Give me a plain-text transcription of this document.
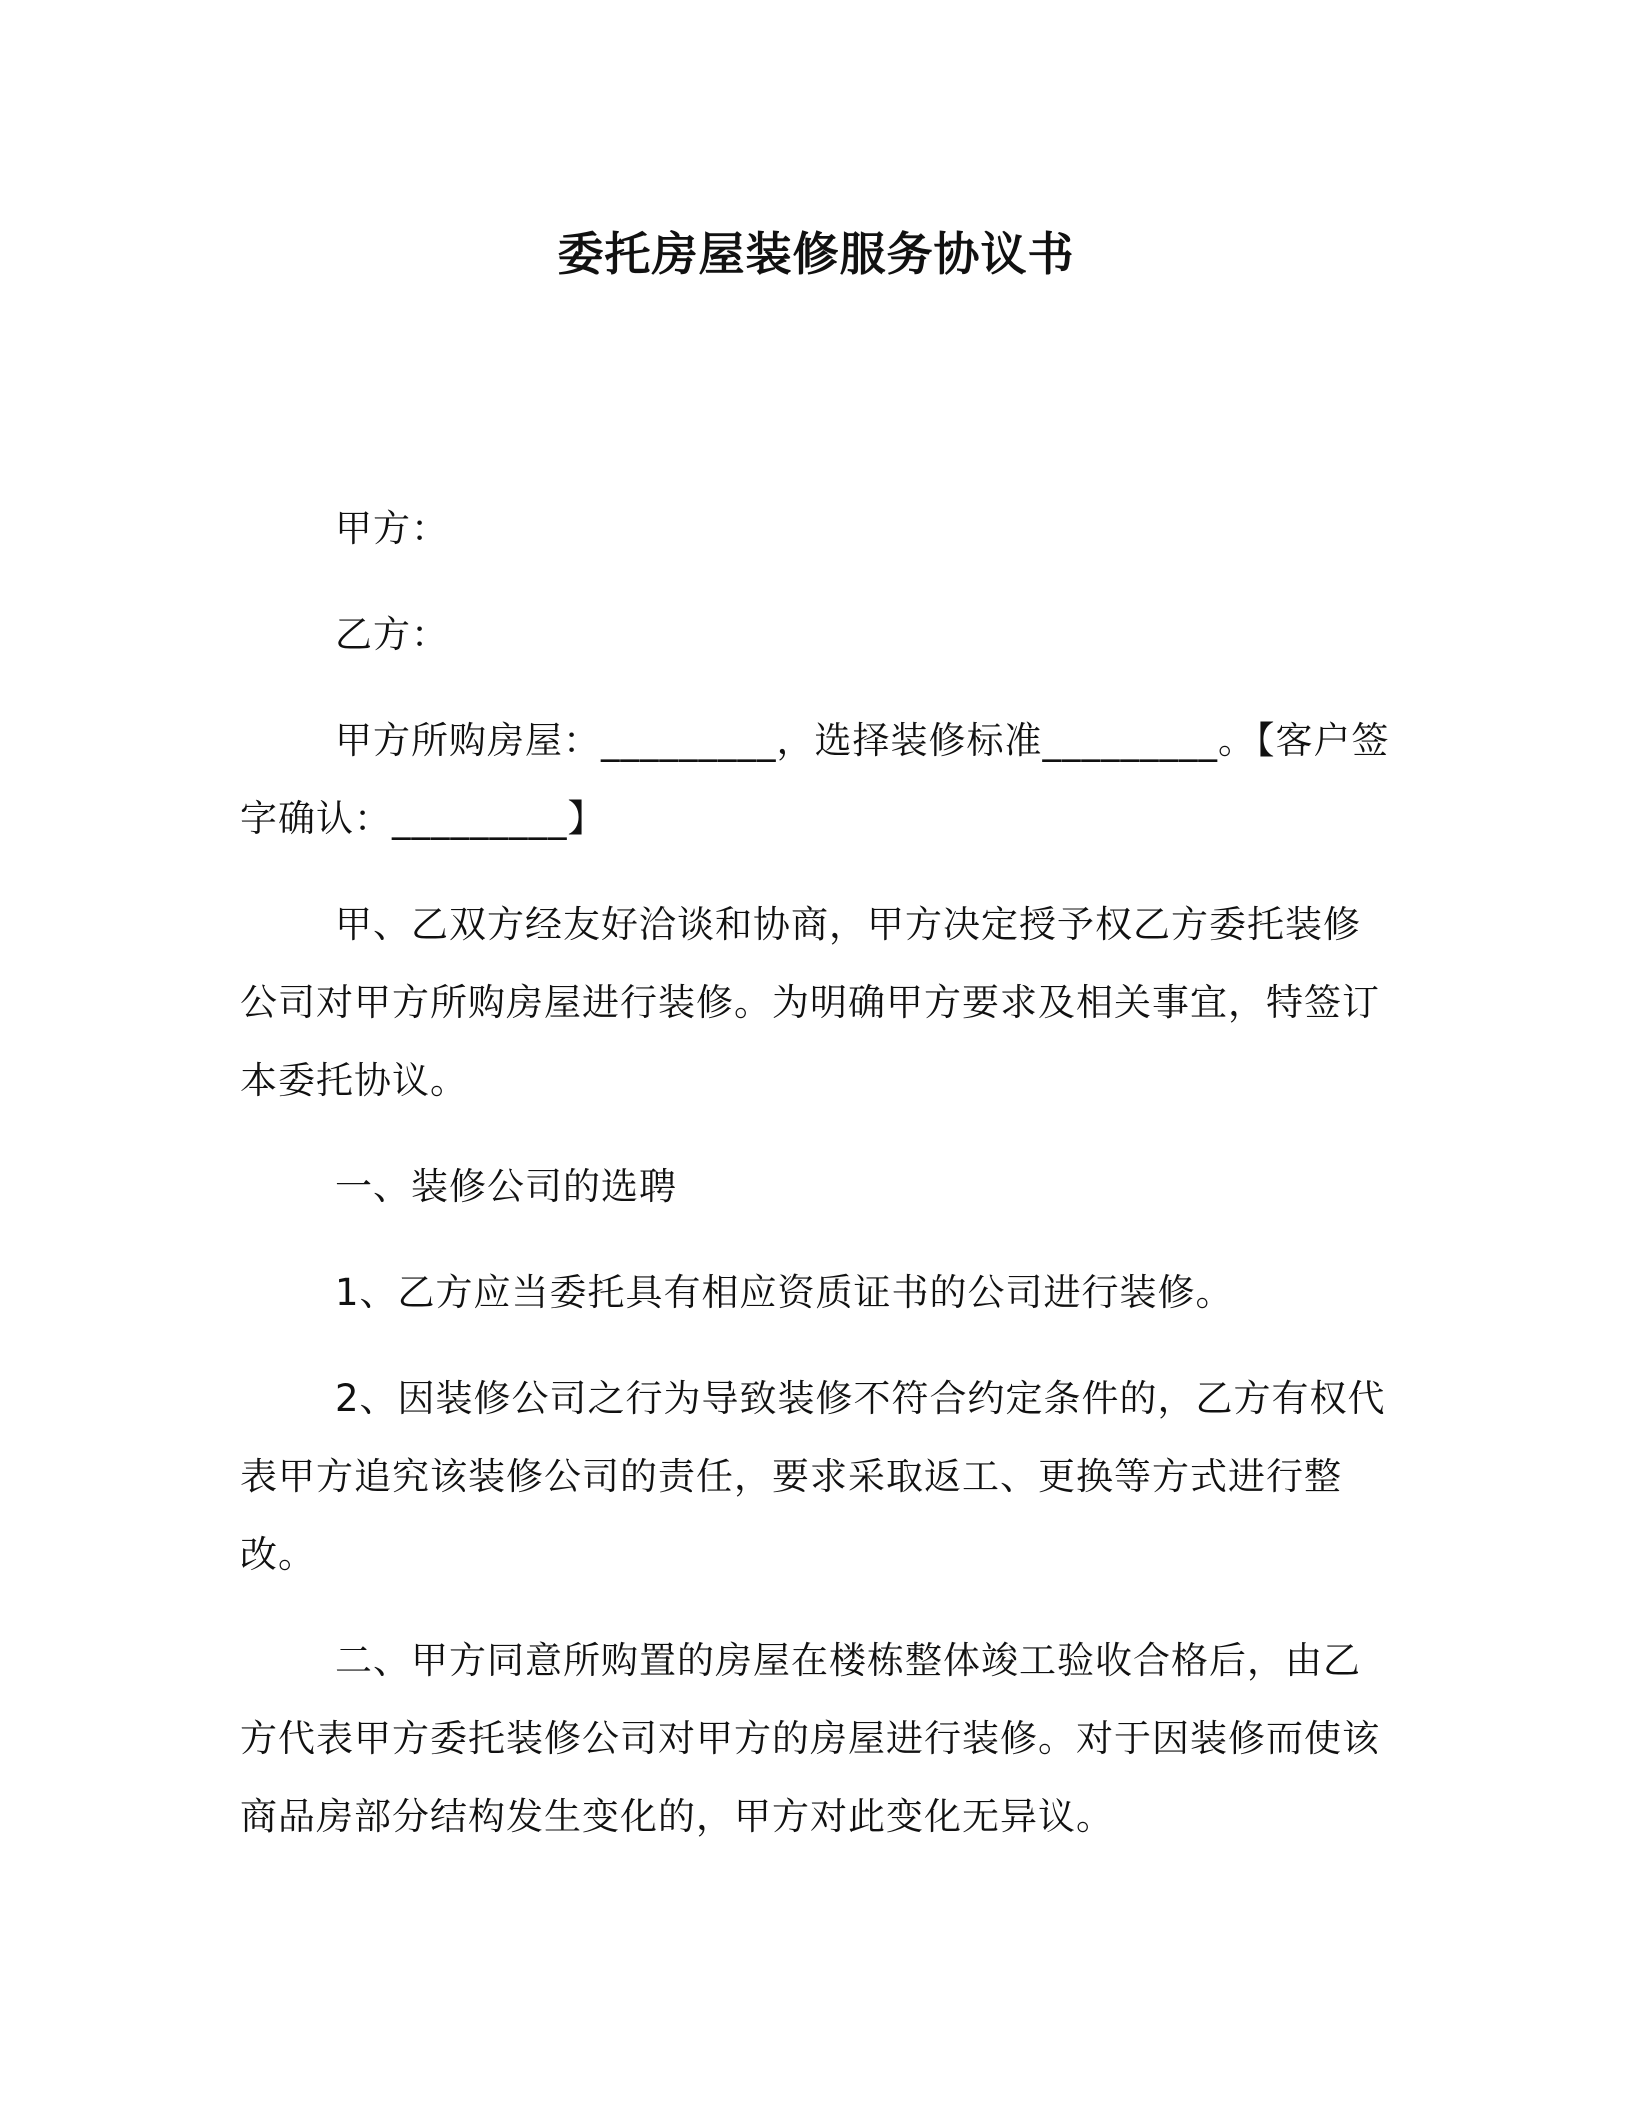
委托房屋装修服务协议书

甲方：

乙方：

甲方所购房屋：_________，选择装修标准_________。【客户签字确认：_________】

甲、乙双方经友好洽谈和协商，甲方决定授予权乙方委托装修公司对甲方所购房屋进行装修。为明确甲方要求及相关事宜，特签订本委托协议。

一、装修公司的选聘

1、乙方应当委托具有相应资质证书的公司进行装修。

2、因装修公司之行为导致装修不符合约定条件的，乙方有权代表甲方追究该装修公司的责任，要求采取返工、更换等方式进行整改。

二、甲方同意所购置的房屋在楼栋整体竣工验收合格后，由乙方代表甲方委托装修公司对甲方的房屋进行装修。对于因装修而使该商品房部分结构发生变化的，甲方对此变化无异议。
